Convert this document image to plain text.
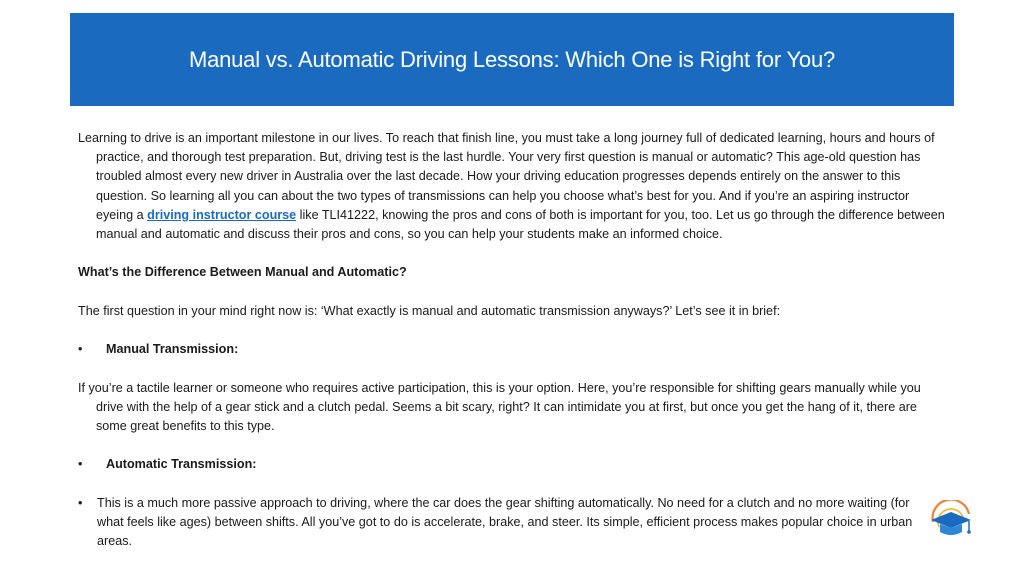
Manual vs. Automatic Driving Lessons: Which One is Right for You?

Learning to drive is an important milestone in our lives. To reach that finish line, you must take a long journey full of dedicated learning, hours and hours of practice, and thorough test preparation. But, driving test is the last hurdle. Your very first question is manual or automatic? This age-old question has troubled almost every new driver in Australia over the last decade. How your driving education progresses depends entirely on the answer to this question. So learning all you can about the two types of transmissions can help you choose what’s best for you. And if you’re an aspiring instructor eyeing a driving instructor course like TLI41222, knowing the pros and cons of both is important for you, too. Let us go through the difference between manual and automatic and discuss their pros and cons, so you can help your students make an informed choice.

What’s the Difference Between Manual and Automatic?

The first question in your mind right now is: ‘What exactly is manual and automatic transmission anyways?’ Let’s see it in brief:

•	Manual Transmission:

If you’re a tactile learner or someone who requires active participation, this is your option. Here, you’re responsible for shifting gears manually while you drive with the help of a gear stick and a clutch pedal. Seems a bit scary, right? It can intimidate you at first, but once you get the hang of it, there are some great benefits to this type.

•	Automatic Transmission:

•	This is a much more passive approach to driving, where the car does the gear shifting automatically. No need for a clutch and no more waiting (for what feels like ages) between shifts. All you’ve got to do is accelerate, brake, and steer. Its simple, efficient process makes popular choice in urban areas.
